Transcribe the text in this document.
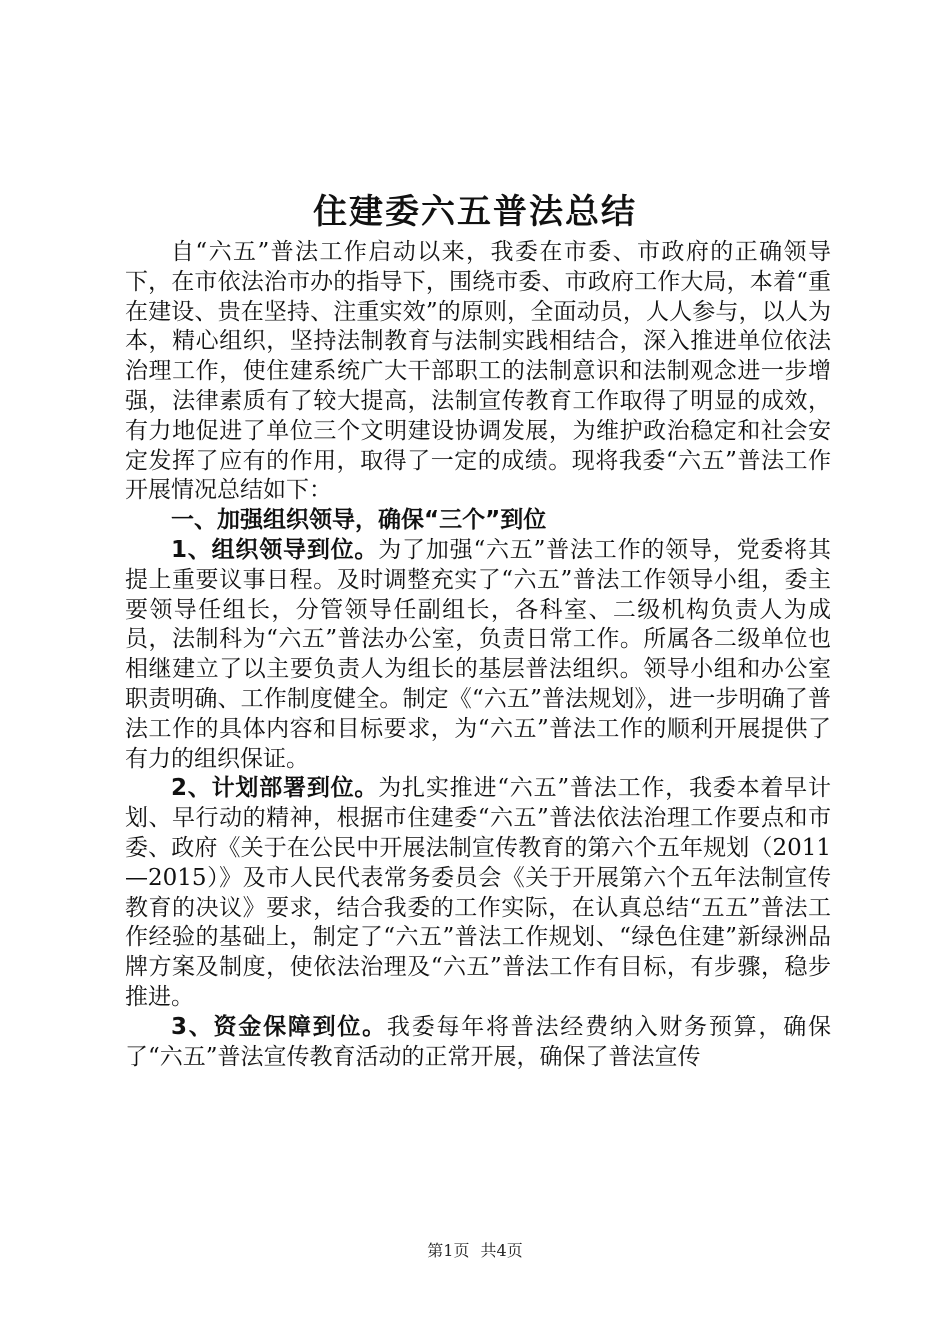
住建委六五普法总结

自“六五”普法工作启动以来，我委在市委、市政府的正确领导下，在市依法治市办的指导下，围绕市委、市政府工作大局，本着“重在建设、贵在坚持、注重实效”的原则，全面动员，人人参与，以人为本，精心组织，坚持法制教育与法制实践相结合，深入推进单位依法治理工作，使住建系统广大干部职工的法制意识和法制观念进一步增强，法律素质有了较大提高，法制宣传教育工作取得了明显的成效，有力地促进了单位三个文明建设协调发展，为维护政治稳定和社会安定发挥了应有的作用，取得了一定的成绩。现将我委“六五”普法工作开展情况总结如下：

一、加强组织领导，确保“三个”到位

1、组织领导到位。为了加强“六五”普法工作的领导，党委将其提上重要议事日程。及时调整充实了“六五”普法工作领导小组，委主要领导任组长，分管领导任副组长，各科室、二级机构负责人为成员，法制科为“六五”普法办公室，负责日常工作。所属各二级单位也相继建立了以主要负责人为组长的基层普法组织。领导小组和办公室职责明确、工作制度健全。制定《“六五”普法规划》，进一步明确了普法工作的具体内容和目标要求，为“六五”普法工作的顺利开展提供了有力的组织保证。

2、计划部署到位。为扎实推进“六五”普法工作，我委本着早计划、早行动的精神，根据市住建委“六五”普法依法治理工作要点和市委、政府《关于在公民中开展法制宣传教育的第六个五年规划（2011—2015）》及市人民代表常务委员会《关于开展第六个五年法制宣传教育的决议》要求，结合我委的工作实际，在认真总结“五五”普法工作经验的基础上，制定了“六五”普法工作规划、“绿色住建”新绿洲品牌方案及制度，使依法治理及“六五”普法工作有目标，有步骤，稳步推进。

3、资金保障到位。我委每年将普法经费纳入财务预算，确保了“六五”普法宣传教育活动的正常开展，确保了普法宣传

第1页 共4页
